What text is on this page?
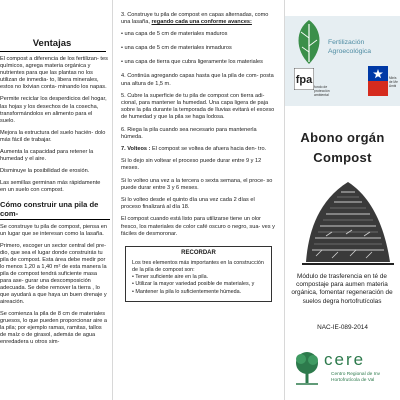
Ventajas
El compost a diferencia de los fertilizan- tes químicos, agrega materia orgánica y nutrientes para que las plantas no los utilizan de inmedia- to, libera minerales, estos no lixivian conta- minando los napas.
Permite reciclar los desperdicios del hogar, las hojas y los desechos de la cosecha, transformándolos en alimento para el suelo.
Mejora la estructura del suelo hacién- dolo más fácil de trabajar.
Aumenta la capacidad para retener la humedad y el aire.
Disminuye la posibilidad de erosión.
Las semillas germinan más rápidamente en un suelo con compost.
Cómo construir una pila de com-
Se construye tu pila de compost, piensa en un lugar que se interesan como la lasaña.
Primero, escoger un sector central del pre- dio, que sea el lugar donde construirás tu pila de compost. Esta área debe medir por lo menos 1,20 a 1,40 m² de esta manera la pila de compost tendrá suficiente masa para ase- gurar una descomposición adecuada. Se debe remover la tierra , lo que ayudará a que haya un buen drenaje y aireación.
Se comienza la pila de 8 cm de materiales gruesos, lo que pueden proporcionar aire a la pila; por ejemplo ramas, ramitas, tallos de maíz o de girasol, además de agua enredadera u otros sim-
3. Construye tu pila de compost en capas alternadas, como una lasaña, regando cada una conforme avances:
• una capa de 5 cm de materiales maduros
• una capa de 5 cm de materiales inmaduros
• una capa de tierra que cubra ligeramente los materiales
4. Continúa agregando capas hasta que la pila de com- posta una altura de 1,5 m.
5. Cubre la superficie de tu pila de compost con tierra adi- cional, para mantener la humedad. Una capa ligera de paja sobre la pila durante la temporada de lluvias evitará el exceso de humedad y que la pila se haga lodosa.
6. Riega la pila cuando sea necesario para mantenerla húmeda.
7. Volteos : El compost se voltea de afuera hacia den- tro.
Si lo dejo sin voltear el proceso puede durar entre 9 y 12 meses.
Si lo volteo una vez a la tercera o sexta semana, el proce- so puede durar entre 3 y 6 meses.
Si lo volteo desde el quinto día una vez cada 2 días el proceso finalizará al día 18.
El compost cuando está listo para utilizarse tiene un olor fresco, los materiales de color café oscuro o negro, sua- ves y fáciles de desmoronar.
RECORDAR
Los tres elementos más importantes en la construcción de la pila de compost son:
• Tener suficiente aire en la pila.
• Utilizar la mayor variedad posible de materiales, y
• Mantener la pila lo suficientemente húmeda.
Fertilización
Agroecológica
fpa
fondo de
protección
ambiental
Minis
de Me
Ambi
Abono orgán
Compost
Módulo de trasferencia en té de compostaje para aumen materia orgánica, fomentar regeneración de suelos degra hortofrutícolas
NAC-IE-089-2014
cere
Centro Regional de Inv
Hortofrutícola de Val
